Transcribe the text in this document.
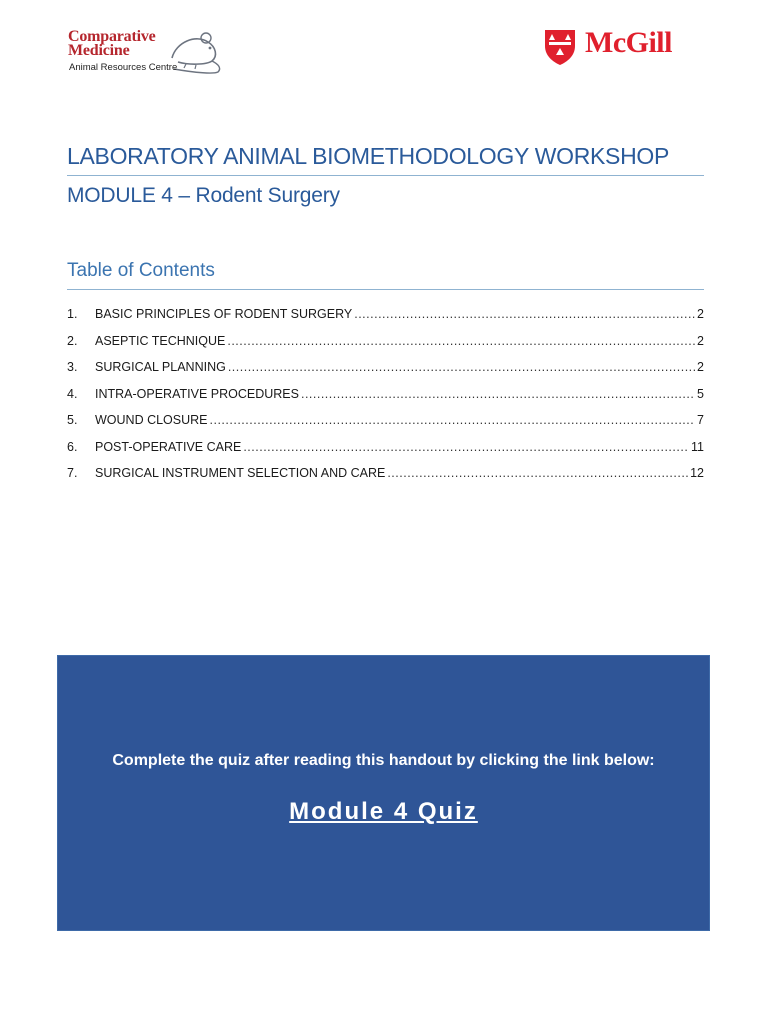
Comparative
Medicine
Animal Resources Centre
McGill
LABORATORY ANIMAL BIOMETHODOLOGY WORKSHOP
MODULE 4 – Rodent Surgery
Table of Contents
1.	BASIC PRINCIPLES OF RODENT SURGERY .....	2
2.	ASEPTIC TECHNIQUE .....	2
3.	SURGICAL PLANNING .....	2
4.	INTRA-OPERATIVE PROCEDURES .....	5
5.	WOUND CLOSURE .....	7
6.	POST-OPERATIVE CARE .....	11
7.	SURGICAL INSTRUMENT SELECTION AND CARE .....	12
Complete the quiz after reading this handout by clicking the link below:
Module 4 Quiz
